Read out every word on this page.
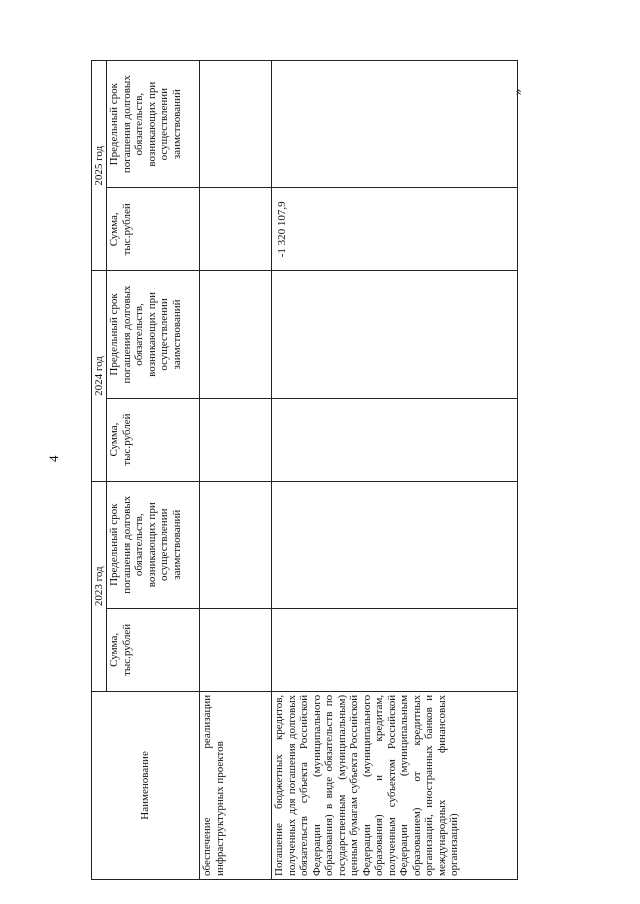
4
»
Наименование	2023 год		2024 год		2025 год	
	Сумма, тыс.рублей	Предельный срок погашения долговых обязательств, возникающих при осуществлении заимствований	Сумма, тыс.рублей	Предельный срок погашения долговых обязательств, возникающих при осуществлении заимствований	Сумма, тыс.рублей	Предельный срок погашения долговых обязательств, возникающих при осуществлении заимствований
обеспечение реализации инфраструктурных проектов						
Погашение бюджетных кредитов, полученных для погашения долговых обязательств субъекта Российской Федерации (муниципального образования) в виде обязательств по государственным (муниципальным) ценным бумагам субъекта Российской Федерации (муниципального образования) и кредитам, полученным субъектом Российской Федерации (муниципальным образованием) от кредитных организаций, иностранных банков и международных финансовых организаций)					-1 320 107,9	
